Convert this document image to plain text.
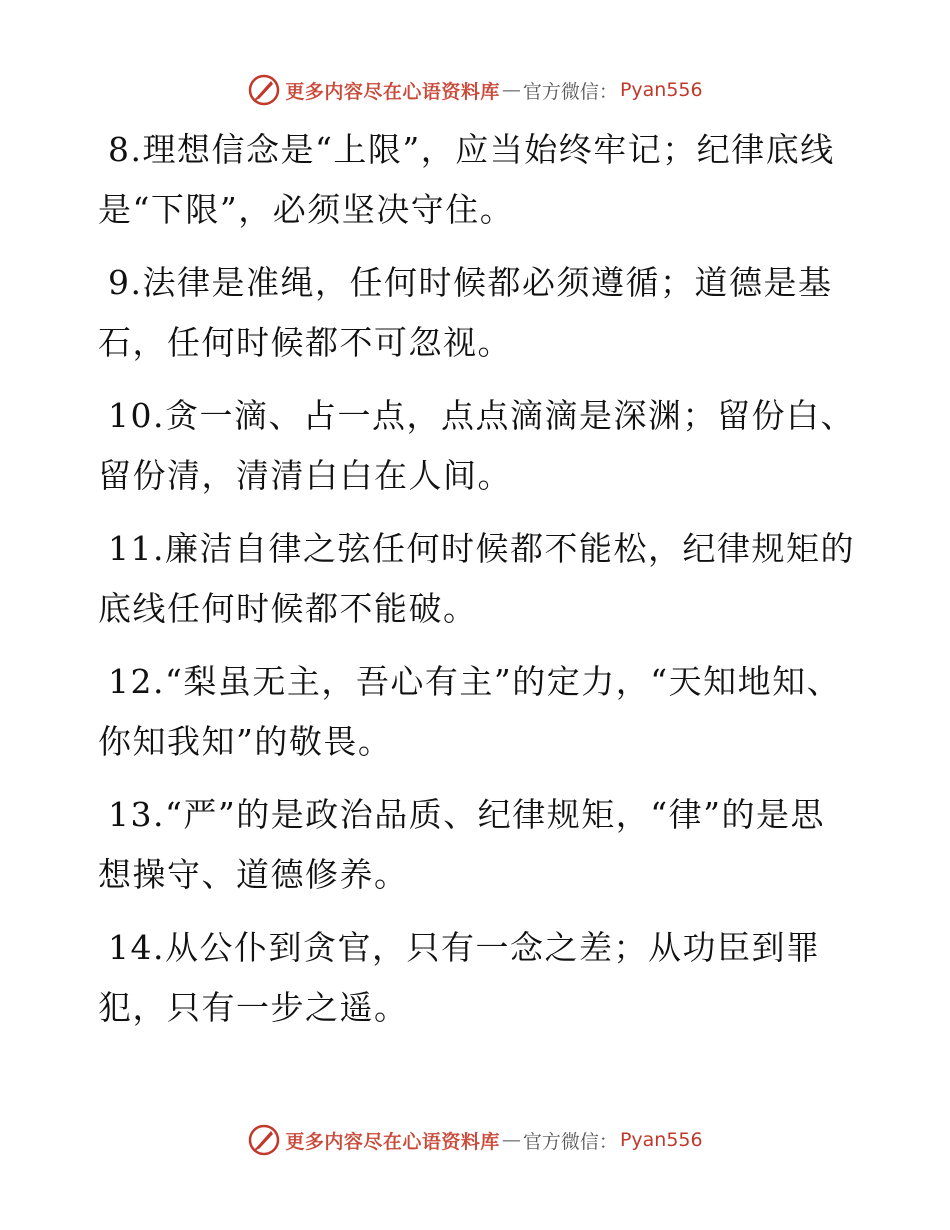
更多内容尽在心语资料库 — 官方微信： Pyan556

8.理想信念是“上限”，应当始终牢记；纪律底线是“下限”，必须坚决守住。

9.法律是准绳，任何时候都必须遵循；道德是基石，任何时候都不可忽视。

10.贪一滴、占一点，点点滴滴是深渊；留份白、留份清，清清白白在人间。

11.廉洁自律之弦任何时候都不能松，纪律规矩的底线任何时候都不能破。

12.“梨虽无主，吾心有主”的定力，“天知地知、你知我知”的敬畏。

13.“严”的是政治品质、纪律规矩，“律”的是思想操守、道德修养。

14.从公仆到贪官，只有一念之差；从功臣到罪犯，只有一步之遥。

更多内容尽在心语资料库 — 官方微信： Pyan556
